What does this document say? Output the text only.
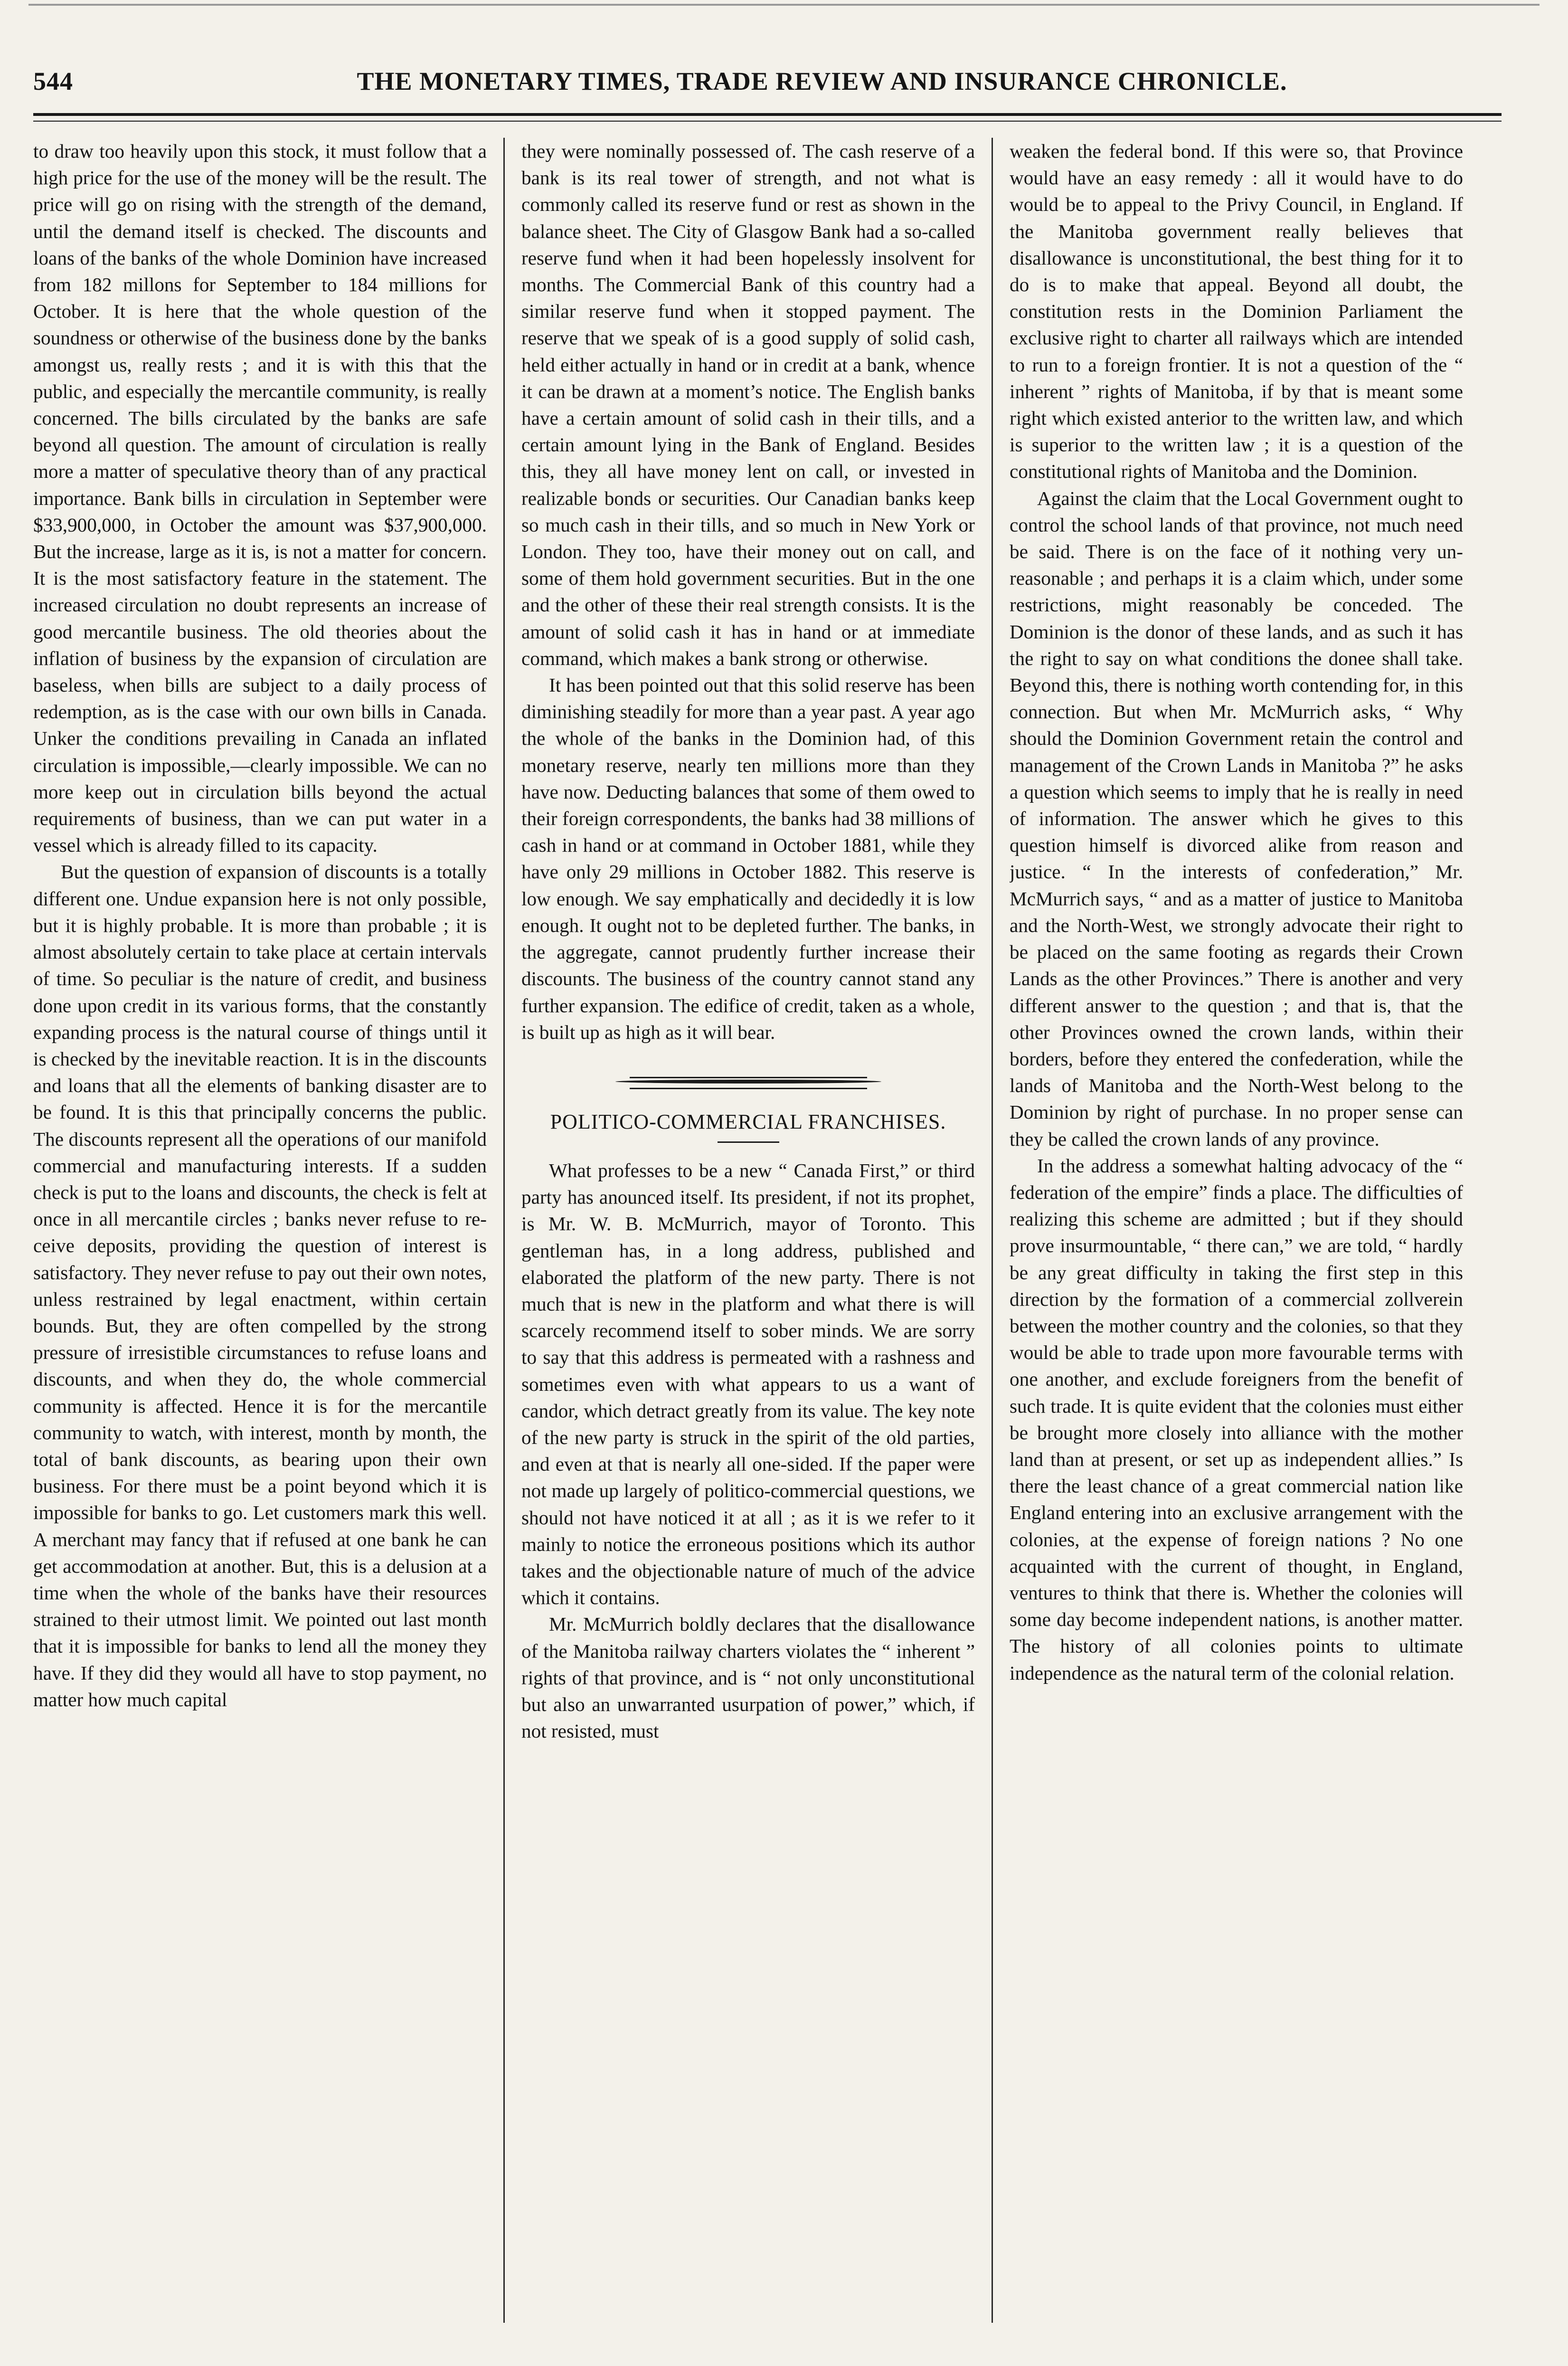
544	THE MONETARY TIMES, TRADE REVIEW AND INSURANCE CHRONICLE.

to draw too heavily upon this stock, it must follow that a high price for the use of the money will be the result. The price will go on rising with the strength of the demand, until the demand itself is checked. The discounts and loans of the banks of the whole Dominion have increased from 182 millons for September to 184 millions for October. It is here that the whole question of the soundness or otherwise of the business done by the banks amongst us, really rests ; and it is with this that the public, and especially the mercantile community, is really concerned. The bills circulated by the banks are safe beyond all question. The amount of circulation is really more a matter of speculative theory than of any practical importance. Bank bills in circulation in September were $33,900,000, in October the amount was $37,900,000. But the increase, large as it is, is not a matter for concern. It is the most satisfactory feature in the statement. The increased circulation no doubt represents an increase of good mercantile business. The old theories about the inflation of business by the expansion of circulation are baseless, when bills are subject to a daily process of redemption, as is the case with our own bills in Canada. Unker the conditions prevailing in Canada an inflated circulation is impossible,—clearly impossible. We can no more keep out in circulation bills beyond the actual requirements of business, than we can put water in a vessel which is already filled to its capacity.

But the question of expansion of discounts is a totally different one. Undue expansion here is not only possible, but it is highly probable. It is more than probable ; it is almost absolutely certain to take place at certain intervals of time. So peculiar is the nature of credit, and business done upon credit in its various forms, that the constantly expanding process is the natural course of things until it is checked by the inevitable reaction. It is in the discounts and loans that all the elements of banking disaster are to be found. It is this that principally concerns the public. The discounts represent all the operations of our manifold commercial and manufacturing interests. If a sudden check is put to the loans and discounts, the check is felt at once in all mercantile circles ; banks never refuse to receive deposits, providing the question of interest is satisfactory. They never refuse to pay out their own notes, unless restrained by legal enactment, within certain bounds. But, they are often compelled by the strong pressure of irresistible circumstances to refuse loans and discounts, and when they do, the whole commercial community is affected. Hence it is for the mercantile community to watch, with interest, month by month, the total of bank discounts, as bearing upon their own business. For there must be a point beyond which it is impossible for banks to go. Let customers mark this well. A merchant may fancy that if refused at one bank he can get accommodation at another. But, this is a delusion at a time when the whole of the banks have their resources strained to their utmost limit. We pointed out last month that it is impossible for banks to lend all the money they have. If they did they would all have to stop payment, no matter how much capital

they were nominally possessed of. The cash reserve of a bank is its real tower of strength, and not what is commonly called its reserve fund or rest as shown in the balance sheet. The City of Glasgow Bank had a so-called reserve fund when it had been hopelessly insolvent for months. The Commercial Bank of this country had a similar reserve fund when it stopped payment. The reserve that we speak of is a good supply of solid cash, held either actually in hand or in credit at a bank, whence it can be drawn at a moment’s notice. The English banks have a certain amount of solid cash in their tills, and a certain amount lying in the Bank of England. Besides this, they all have money lent on call, or invested in realizable bonds or securities. Our Canadian banks keep so much cash in their tills, and so much in New York or London. They too, have their money out on call, and some of them hold government securities. But in the one and the other of these their real strength consists. It is the amount of solid cash it has in hand or at immediate command, which makes a bank strong or otherwise.

It has been pointed out that this solid reserve has been diminishing steadily for more than a year past. A year ago the whole of the banks in the Dominion had, of this monetary reserve, nearly ten millions more than they have now. Deducting balances that some of them owed to their foreign correspondents, the banks had 38 millions of cash in hand or at command in October 1881, while they have only 29 millions in October 1882. This reserve is low enough. We say emphatically and decidedly it is low enough. It ought not to be depleted further. The banks, in the aggregate, cannot prudently further increase their discounts. The business of the country cannot stand any further expansion. The edifice of credit, taken as a whole, is built up as high as it will bear.

POLITICO-COMMERCIAL FRANCHISES.

What professes to be a new “ Canada First,” or third party has anounced itself. Its president, if not its prophet, is Mr. W. B. McMurrich, mayor of Toronto. This gentleman has, in a long address, published and elaborated the platform of the new party. There is not much that is new in the platform and what there is will scarcely recommend itself to sober minds. We are sorry to say that this address is permeated with a rashness and sometimes even with what appears to us a want of candor, which detract greatly from its value. The key note of the new party is struck in the spirit of the old parties, and even at that is nearly all one-sided. If the paper were not made up largely of politico-commercial questions, we should not have noticed it at all ; as it is we refer to it mainly to notice the erroneous positions which its author takes and the objectionable nature of much of the advice which it contains.

Mr. McMurrich boldly declares that the disallowance of the Manitoba railway charters violates the “ inherent ” rights of that province, and is “ not only unconstitutional but also an unwarranted usurpation of power,” which, if not resisted, must

weaken the federal bond. If this were so, that Province would have an easy remedy : all it would have to do would be to appeal to the Privy Council, in England. If the Manitoba government really believes that disallowance is unconstitutional, the best thing for it to do is to make that appeal. Beyond all doubt, the constitution rests in the Dominion Parliament the exclusive right to charter all railways which are intended to run to a foreign frontier. It is not a question of the “ inherent ” rights of Manitoba, if by that is meant some right which existed anterior to the written law, and which is superior to the written law ; it is a question of the constitutional rights of Manitoba and the Dominion.

Against the claim that the Local Government ought to control the school lands of that province, not much need be said. There is on the face of it nothing very unreasonable ; and perhaps it is a claim which, under some restrictions, might reasonably be conceded. The Dominion is the donor of these lands, and as such it has the right to say on what conditions the donee shall take. Beyond this, there is nothing worth contending for, in this connection. But when Mr. McMurrich asks, “ Why should the Dominion Government retain the control and management of the Crown Lands in Manitoba ?” he asks a question which seems to imply that he is really in need of information. The answer which he gives to this question himself is divorced alike from reason and justice. “ In the interests of confederation,” Mr. McMurrich says, “ and as a matter of justice to Manitoba and the North-West, we strongly advocate their right to be placed on the same footing as regards their Crown Lands as the other Provinces.” There is another and very different answer to the question ; and that is, that the other Provinces owned the crown lands, within their borders, before they entered the confederation, while the lands of Manitoba and the North-West belong to the Dominion by right of purchase. In no proper sense can they be called the crown lands of any province.

In the address a somewhat halting advocacy of the “ federation of the empire” finds a place. The difficulties of realizing this scheme are admitted ; but if they should prove insurmountable, “ there can,” we are told, “ hardly be any great difficulty in taking the first step in this direction by the formation of a commercial zollverein between the mother country and the colonies, so that they would be able to trade upon more favourable terms with one another, and exclude foreigners from the benefit of such trade. It is quite evident that the colonies must either be brought more closely into alliance with the mother land than at present, or set up as independent allies.” Is there the least chance of a great commercial nation like England entering into an exclusive arrangement with the colonies, at the expense of foreign nations ? No one acquainted with the current of thought, in England, ventures to think that there is. Whether the colonies will some day become independent nations, is another matter. The history of all colonies points to ultimate independence as the natural term of the colonial relation.
